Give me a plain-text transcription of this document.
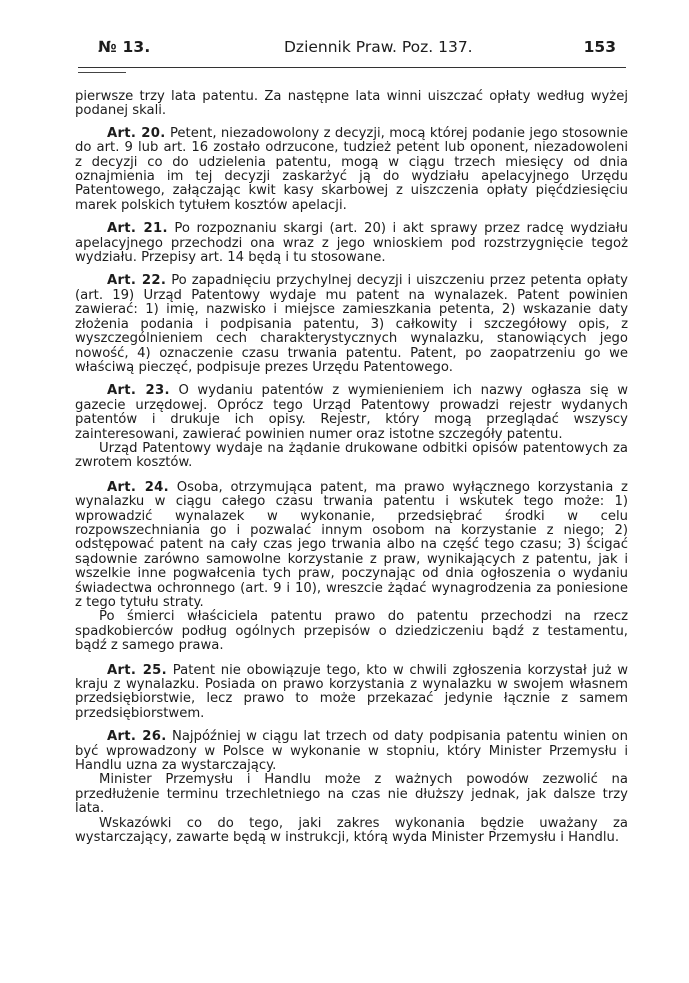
№ 13.	Dziennik Praw. Poz. 137.	153

pierwsze trzy lata patentu. Za następne lata winni uiszczać opłaty według wyżej podanej skali.

Art. 20. Petent, niezadowolony z decyzji, mocą której podanie jego stosownie do art. 9 lub art. 16 zostało odrzucone, tudzież petent lub oponent, niezadowoleni z decyzji co do udzielenia patentu, mogą w ciągu trzech miesięcy od dnia oznajmienia im tej decyzji zaskarżyć ją do wydziału apelacyjnego Urzędu Patentowego, załączając kwit kasy skarbowej z uiszczenia opłaty pięćdziesięciu marek polskich tytułem kosztów apelacji.

Art. 21. Po rozpoznaniu skargi (art. 20) i akt sprawy przez radcę wydziału apelacyjnego przechodzi ona wraz z jego wnioskiem pod rozstrzygnięcie tegoż wydziału. Przepisy art. 14 będą i tu stosowane.

Art. 22. Po zapadnięciu przychylnej decyzji i uiszczeniu przez petenta opłaty (art. 19) Urząd Patentowy wydaje mu patent na wynalazek. Patent powinien zawierać: 1) imię, nazwisko i miejsce zamieszkania petenta, 2) wskazanie daty złożenia podania i podpisania patentu, 3) całkowity i szczegółowy opis, z wyszczególnieniem cech charakterystycznych wynalazku, stanowiących jego nowość, 4) oznaczenie czasu trwania patentu. Patent, po zaopatrzeniu go we właściwą pieczęć, podpisuje prezes Urzędu Patentowego.

Art. 23. O wydaniu patentów z wymienieniem ich nazwy ogłasza się w gazecie urzędowej. Oprócz tego Urząd Patentowy prowadzi rejestr wydanych patentów i drukuje ich opisy. Rejestr, który mogą przeglądać wszyscy zainteresowani, zawierać powinien numer oraz istotne szczegóły patentu.

Urząd Patentowy wydaje na żądanie drukowane odbitki opisów patentowych za zwrotem kosztów.

Art. 24. Osoba, otrzymująca patent, ma prawo wyłącznego korzystania z wynalazku w ciągu całego czasu trwania patentu i wskutek tego może: 1) wprowadzić wynalazek w wykonanie, przedsiębrać środki w celu rozpowszechniania go i pozwalać innym osobom na korzystanie z niego; 2) odstępować patent na cały czas jego trwania albo na część tego czasu; 3) ścigać sądownie zarówno samowolne korzystanie z praw, wynikających z patentu, jak i wszelkie inne pogwałcenia tych praw, poczynając od dnia ogłoszenia o wydaniu świadectwa ochronnego (art. 9 i 10), wreszcie żądać wynagrodzenia za poniesione z tego tytułu straty.

Po śmierci właściciela patentu prawo do patentu przechodzi na rzecz spadkobierców podług ogólnych przepisów o dziedziczeniu bądź z testamentu, bądź z samego prawa.

Art. 25. Patent nie obowiązuje tego, kto w chwili zgłoszenia korzystał już w kraju z wynalazku. Posiada on prawo korzystania z wynalazku w swojem własnem przedsiębiorstwie, lecz prawo to może przekazać jedynie łącznie z samem przedsiębiorstwem.

Art. 26. Najpóźniej w ciągu lat trzech od daty podpisania patentu winien on być wprowadzony w Polsce w wykonanie w stopniu, który Minister Przemysłu i Handlu uzna za wystarczający.

Minister Przemysłu i Handlu może z ważnych powodów zezwolić na przedłużenie terminu trzechletniego na czas nie dłuższy jednak, jak dalsze trzy lata.

Wskazówki co do tego, jaki zakres wykonania będzie uważany za wystarczający, zawarte będą w instrukcji, którą wyda Minister Przemysłu i Handlu.
